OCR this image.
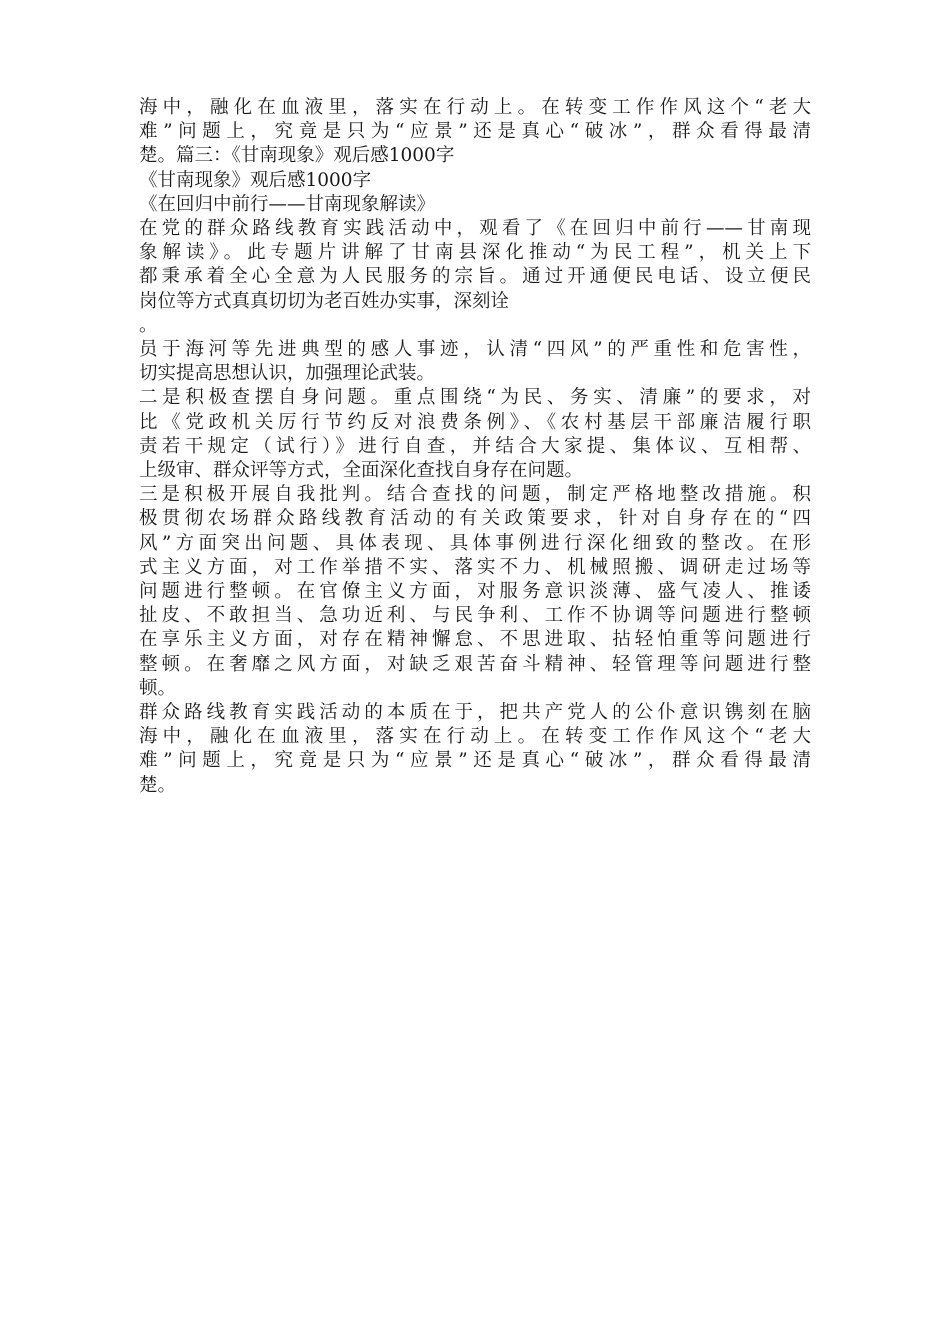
海中，融化在血液里，落实在行动上。在转变工作作风这个“老大
难”问题上，究竟是只为“应景”还是真心“破冰”，群众看得最清
楚。篇三：《甘南现象》观后感1000字
《甘南现象》观后感1000字
《在回归中前行——甘南现象解读》
在党的群众路线教育实践活动中，观看了《在回归中前行——甘南现
象解读》。此专题片讲解了甘南县深化推动“为民工程”，机关上下
都秉承着全心全意为人民服务的宗旨。通过开通便民电话、设立便民
岗位等方式真真切切为老百姓办实事，深刻诠
。
员于海河等先进典型的感人事迹，认清“四风”的严重性和危害性，
切实提高思想认识，加强理论武装。
二是积极查摆自身问题。重点围绕“为民、务实、清廉”的要求，对
比《党政机关厉行节约反对浪费条例》、《农村基层干部廉洁履行职
责若干规定（试行）》进行自查，并结合大家提、集体议、互相帮、
上级审、群众评等方式，全面深化查找自身存在问题。
三是积极开展自我批判。结合查找的问题，制定严格地整改措施。积
极贯彻农场群众路线教育活动的有关政策要求，针对自身存在的“四
风”方面突出问题、具体表现、具体事例进行深化细致的整改。在形
式主义方面，对工作举措不实、落实不力、机械照搬、调研走过场等
问题进行整顿。在官僚主义方面，对服务意识淡薄、盛气凌人、推诿
扯皮、不敢担当、急功近利、与民争利、工作不协调等问题进行整顿
在享乐主义方面，对存在精神懈怠、不思进取、拈轻怕重等问题进行
整顿。在奢靡之风方面，对缺乏艰苦奋斗精神、轻管理等问题进行整
顿。
群众路线教育实践活动的本质在于，把共产党人的公仆意识镌刻在脑
海中，融化在血液里，落实在行动上。在转变工作作风这个“老大
难”问题上，究竟是只为“应景”还是真心“破冰”，群众看得最清
楚。
